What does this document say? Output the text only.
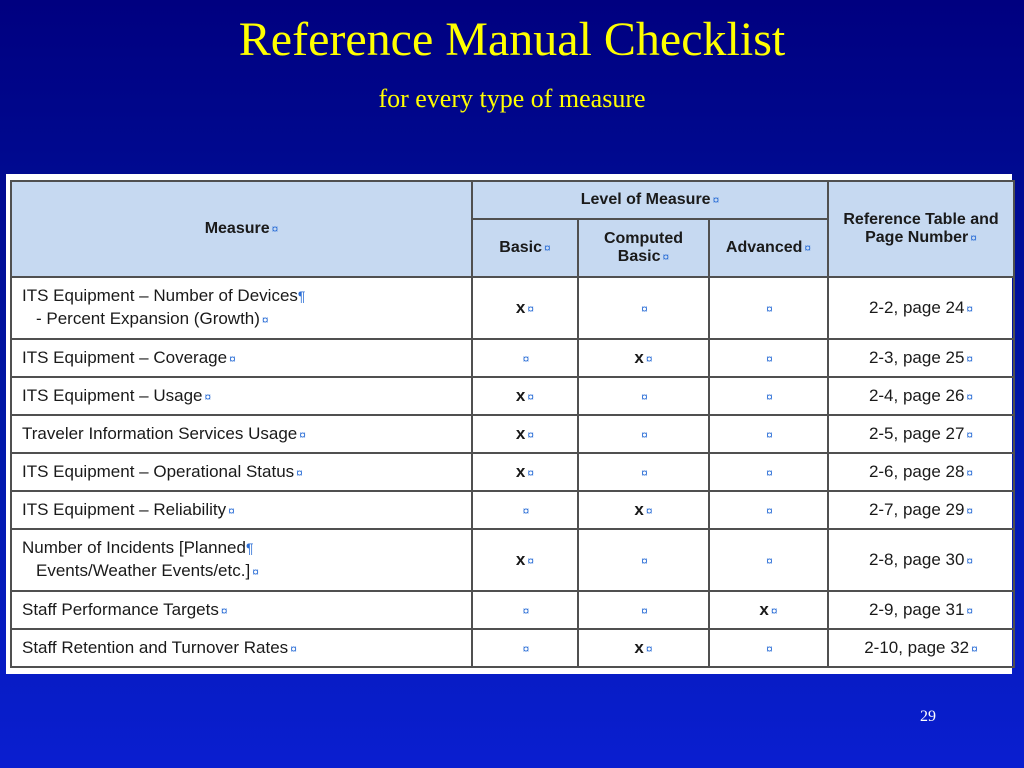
Reference Manual Checklist
for every type of measure
Measure ¤	Level of Measure ¤			Reference Table and Page Number ¤
	Basic ¤	Computed Basic ¤	Advanced ¤	
ITS Equipment – Number of Devices¶
- Percent Expansion (Growth) ¤	x ¤	¤	¤	2-2, page 24 ¤
ITS Equipment – Coverage ¤	¤	x ¤	¤	2-3, page 25 ¤
ITS Equipment – Usage ¤	x ¤	¤	¤	2-4, page 26 ¤
Traveler Information Services Usage ¤	x ¤	¤	¤	2-5, page 27 ¤
ITS Equipment – Operational Status ¤	x ¤	¤	¤	2-6, page 28 ¤
ITS Equipment – Reliability ¤	¤	x ¤	¤	2-7, page 29 ¤
Number of Incidents [Planned¶
Events/Weather Events/etc.] ¤	x ¤	¤	¤	2-8, page 30 ¤
Staff Performance Targets ¤	¤	¤	x ¤	2-9, page 31 ¤
Staff Retention and Turnover Rates ¤	¤	x ¤	¤	2-10, page 32 ¤
29
